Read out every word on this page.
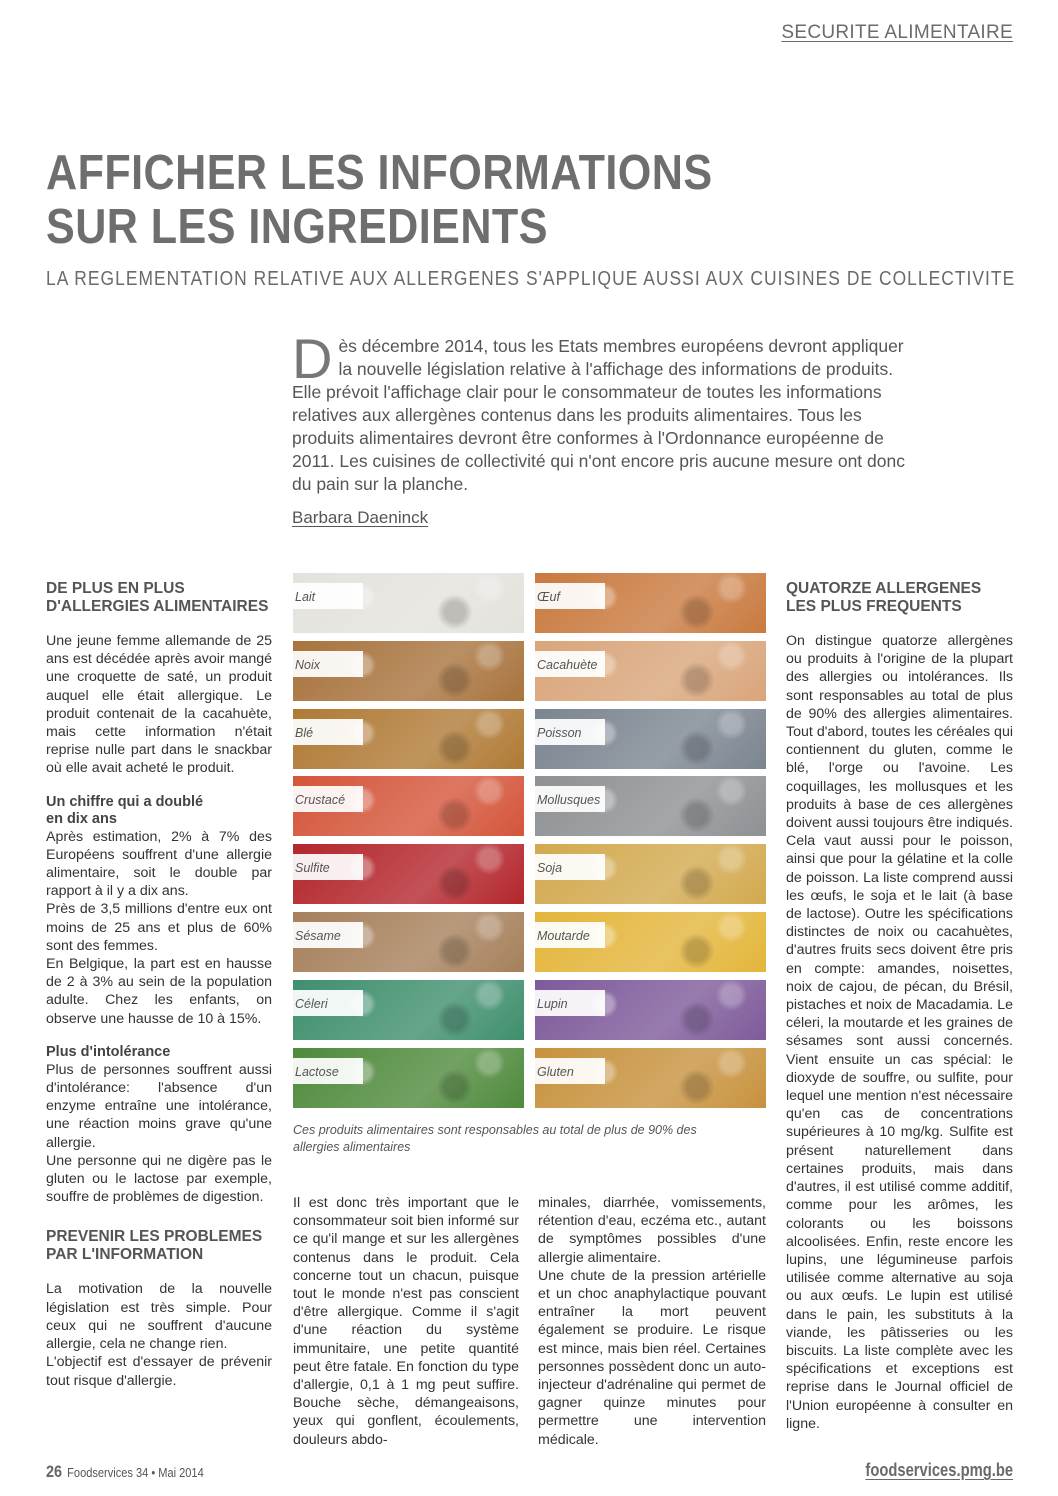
SECURITE ALIMENTAIRE
AFFICHER LES INFORMATIONS
SUR LES INGREDIENTS
LA REGLEMENTATION RELATIVE AUX ALLERGENES S'APPLIQUE AUSSI AUX CUISINES DE COLLECTIVITE
Dès décembre 2014, tous les Etats membres européens devront appliquer la nouvelle législation relative à l'affichage des informations de produits. Elle prévoit l'affichage clair pour le consommateur de toutes les informations relatives aux allergènes contenus dans les produits alimentaires. Tous les produits alimentaires devront être conformes à l'Ordonnance européenne de 2011. Les cuisines de collectivité qui n'ont encore pris aucune mesure ont donc du pain sur la planche.
Barbara Daeninck
DE PLUS EN PLUS
D'ALLERGIES ALIMENTAIRES

Une jeune femme allemande de 25 ans est décédée après avoir mangé une croquette de saté, un produit auquel elle était allergique. Le produit contenait de la cacahuète, mais cette information n'était reprise nulle part dans le snackbar où elle avait acheté le produit.

Un chiffre qui a doublé
en dix ans

Après estimation, 2% à 7% des Européens souffrent d'une allergie alimentaire, soit le double par rapport à il y a dix ans.

Près de 3,5 millions d'entre eux ont moins de 25 ans et plus de 60% sont des femmes.

En Belgique, la part est en hausse de 2 à 3% au sein de la population adulte. Chez les enfants, on observe une hausse de 10 à 15%.

Plus d'intolérance

Plus de personnes souffrent aussi d'intolérance: l'absence d'un enzyme entraîne une intolérance, une réaction moins grave qu'une allergie.

Une personne qui ne digère pas le gluten ou le lactose par exemple, souffre de problèmes de digestion.

PREVENIR LES PROBLEMES
PAR L'INFORMATION

La motivation de la nouvelle législation est très simple. Pour ceux qui ne souffrent d'aucune allergie, cela ne change rien.

L'objectif est d'essayer de prévenir tout risque d'allergie.

Lait	Œuf
Noix	Cacahuète
Blé	Poisson
Crustacé	Mollusques
Sulfite	Soja
Sésame	Moutarde
Céleri	Lupin
Lactose	Gluten
Ces produits alimentaires sont responsables au total de plus de 90% des allergies alimentaires

Il est donc très important que le consommateur soit bien informé sur ce qu'il mange et sur les allergènes contenus dans le produit. Cela concerne tout un chacun, puisque tout le monde n'est pas conscient d'être allergique. Comme il s'agit d'une réaction du système immunitaire, une petite quantité peut être fatale. En fonction du type d'allergie, 0,1 à 1 mg peut suffire. Bouche sèche, démangeaisons, yeux qui gonflent, écoulements, douleurs abdo-

minales, diarrhée, vomissements, rétention d'eau, eczéma etc., autant de symptômes possibles d'une allergie alimentaire.

Une chute de la pression artérielle et un choc anaphylactique pouvant entraîner la mort peuvent également se produire. Le risque est mince, mais bien réel. Certaines personnes possèdent donc un auto-injecteur d'adrénaline qui permet de gagner quinze minutes pour permettre une intervention médicale.

QUATORZE ALLERGENES
LES PLUS FREQUENTS

On distingue quatorze allergènes ou produits à l'origine de la plupart des allergies ou intolérances. Ils sont responsables au total de plus de 90% des allergies alimentaires. Tout d'abord, toutes les céréales qui contiennent du gluten, comme le blé, l'orge ou l'avoine. Les coquillages, les mollusques et les produits à base de ces allergènes doivent aussi toujours être indiqués. Cela vaut aussi pour le poisson, ainsi que pour la gélatine et la colle de poisson. La liste comprend aussi les œufs, le soja et le lait (à base de lactose). Outre les spécifications distinctes de noix ou cacahuètes, d'autres fruits secs doivent être pris en compte: amandes, noisettes, noix de cajou, de pécan, du Brésil, pistaches et noix de Macadamia. Le céleri, la moutarde et les graines de sésames sont aussi concernés. Vient ensuite un cas spécial: le dioxyde de souffre, ou sulfite, pour lequel une mention n'est nécessaire qu'en cas de concentrations supérieures à 10 mg/kg. Sulfite est présent naturellement dans certaines produits, mais dans d'autres, il est utilisé comme additif, comme pour les arômes, les colorants ou les boissons alcoolisées. Enfin, reste encore les lupins, une légumineuse parfois utilisée comme alternative au soja ou aux œufs. Le lupin est utilisé dans le pain, les substituts à la viande, les pâtisseries ou les biscuits. La liste complète avec les spécifications et exceptions est reprise dans le Journal officiel de l'Union européenne à consulter en ligne.

26 Foodservices 34 • Mai 2014	foodservices.pmg.be
